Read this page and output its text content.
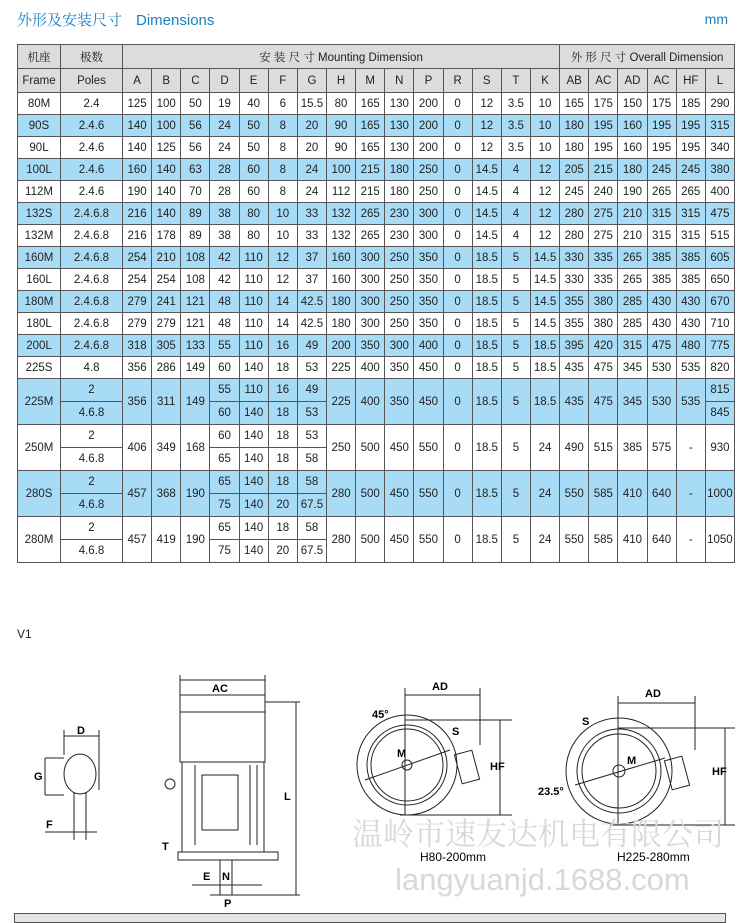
外形及安装尺寸 Dimensions	mm
机座	极数	安 装 尺 寸 Mounting Dimension															外 形 尺 寸 Overall Dimension					
Frame	Poles	A	B	C	D	E	F	G	H	M	N	P	R	S	T	K	AB	AC	AD	AC	HF	L
80M	2.4	125	100	50	19	40	6	15.5	80	165	130	200	0	12	3.5	10	165	175	150	175	185	290
90S	2.4.6	140	100	56	24	50	8	20	90	165	130	200	0	12	3.5	10	180	195	160	195	195	315
90L	2.4.6	140	125	56	24	50	8	20	90	165	130	200	0	12	3.5	10	180	195	160	195	195	340
100L	2.4.6	160	140	63	28	60	8	24	100	215	180	250	0	14.5	4	12	205	215	180	245	245	380
112M	2.4.6	190	140	70	28	60	8	24	112	215	180	250	0	14.5	4	12	245	240	190	265	265	400
132S	2.4.6.8	216	140	89	38	80	10	33	132	265	230	300	0	14.5	4	12	280	275	210	315	315	475
132M	2.4.6.8	216	178	89	38	80	10	33	132	265	230	300	0	14.5	4	12	280	275	210	315	315	515
160M	2.4.6.8	254	210	108	42	110	12	37	160	300	250	350	0	18.5	5	14.5	330	335	265	385	385	605
160L	2.4.6.8	254	254	108	42	110	12	37	160	300	250	350	0	18.5	5	14.5	330	335	265	385	385	650
180M	2.4.6.8	279	241	121	48	110	14	42.5	180	300	250	350	0	18.5	5	14.5	355	380	285	430	430	670
180L	2.4.6.8	279	279	121	48	110	14	42.5	180	300	250	350	0	18.5	5	14.5	355	380	285	430	430	710
200L	2.4.6.8	318	305	133	55	110	16	49	200	350	300	400	0	18.5	5	18.5	395	420	315	475	480	775
225S	4.8	356	286	149	60	140	18	53	225	400	350	450	0	18.5	5	18.5	435	475	345	530	535	820
225M	2	356	311	149	55	110	16	49	225	400	350	450	0	18.5	5	18.5	435	475	345	530	535	815
	4.6.8				60	140	18	53														845
250M	2	406	349	168	60	140	18	53	250	500	450	550	0	18.5	5	24	490	515	385	575	-	930
	4.6.8				65	140	18	58														
280S	2	457	368	190	65	140	18	58	280	500	450	550	0	18.5	5	24	550	585	410	640	-	1000
	4.6.8				75	140	20	67.5														
280M	2	457	419	190	65	140	18	58	280	500	450	550	0	18.5	5	24	550	585	410	640	-	1050
	4.6.8				75	140	20	67.5														
V1
D
G
F
AC
L
T
E N
P
AD
45°
S
M
HF
H80-200mm
AD
S
M
23.5°
HF
H225-280mm
温岭市速友达机电有限公司
langyuanjd.1688.com
